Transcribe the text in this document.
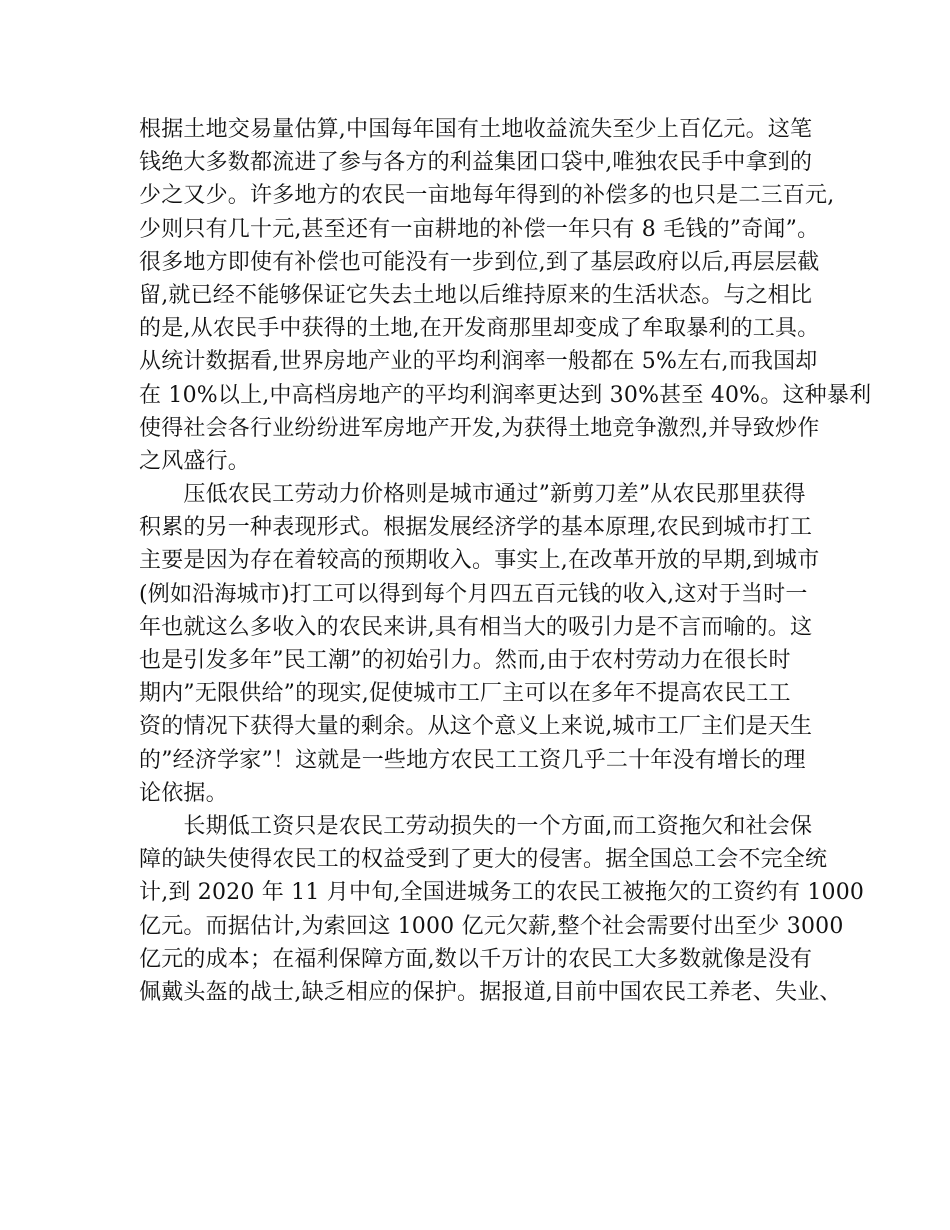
根据土地交易量估算,中国每年国有土地收益流失至少上百亿元。这笔
钱绝大多数都流进了参与各方的利益集团口袋中,唯独农民手中拿到的
少之又少。许多地方的农民一亩地每年得到的补偿多的也只是二三百元,
少则只有几十元,甚至还有一亩耕地的补偿一年只有 8 毛钱的”奇闻”。
很多地方即使有补偿也可能没有一步到位,到了基层政府以后,再层层截
留,就已经不能够保证它失去土地以后维持原来的生活状态。与之相比
的是,从农民手中获得的土地,在开发商那里却变成了牟取暴利的工具。
从统计数据看,世界房地产业的平均利润率一般都在 5%左右,而我国却
在 10%以上,中高档房地产的平均利润率更达到 30%甚至 40%。这种暴利
使得社会各行业纷纷进军房地产开发,为获得土地竞争激烈,并导致炒作
之风盛行。
　　压低农民工劳动力价格则是城市通过”新剪刀差”从农民那里获得
积累的另一种表现形式。根据发展经济学的基本原理,农民到城市打工
主要是因为存在着较高的预期收入。事实上,在改革开放的早期,到城市
(例如沿海城市)打工可以得到每个月四五百元钱的收入,这对于当时一
年也就这么多收入的农民来讲,具有相当大的吸引力是不言而喻的。这
也是引发多年”民工潮”的初始引力。然而,由于农村劳动力在很长时
期内”无限供给”的现实,促使城市工厂主可以在多年不提高农民工工
资的情况下获得大量的剩余。从这个意义上来说,城市工厂主们是天生
的”经济学家”！这就是一些地方农民工工资几乎二十年没有增长的理
论依据。
　　长期低工资只是农民工劳动损失的一个方面,而工资拖欠和社会保
障的缺失使得农民工的权益受到了更大的侵害。据全国总工会不完全统
计,到 2020 年 11 月中旬,全国进城务工的农民工被拖欠的工资约有 1000
亿元。而据估计,为索回这 1000 亿元欠薪,整个社会需要付出至少 3000
亿元的成本；在福利保障方面,数以千万计的农民工大多数就像是没有
佩戴头盔的战士,缺乏相应的保护。据报道,目前中国农民工养老、失业、
